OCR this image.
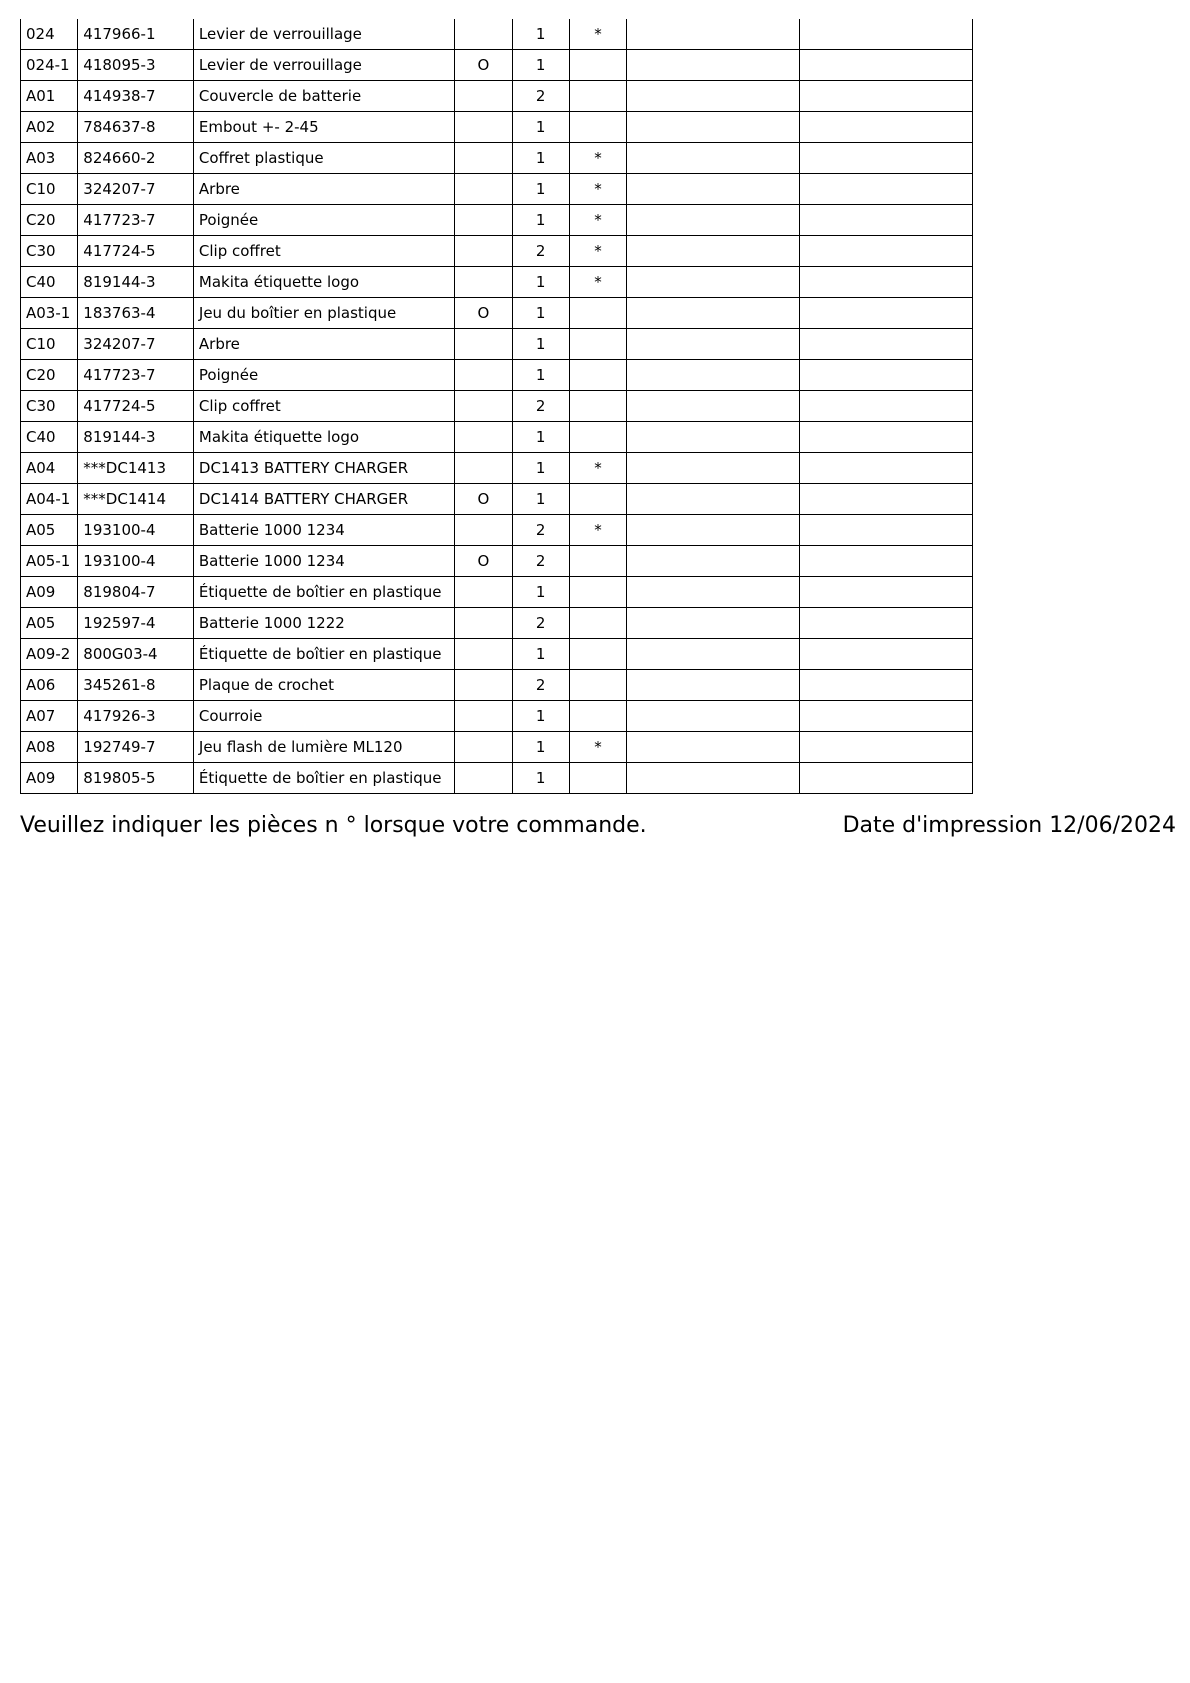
024	417966-1	Levier de verrouillage		1	*		
024-1	418095-3	Levier de verrouillage	O	1			
A01	414938-7	Couvercle de batterie		2			
A02	784637-8	Embout +- 2-45		1			
A03	824660-2	Coffret plastique		1	*		
C10	324207-7	Arbre		1	*		
C20	417723-7	Poignée		1	*		
C30	417724-5	Clip coffret		2	*		
C40	819144-3	Makita étiquette logo		1	*		
A03-1	183763-4	Jeu du boîtier en plastique	O	1			
C10	324207-7	Arbre		1			
C20	417723-7	Poignée		1			
C30	417724-5	Clip coffret		2			
C40	819144-3	Makita étiquette logo		1			
A04	***DC1413	DC1413 BATTERY CHARGER		1	*		
A04-1	***DC1414	DC1414 BATTERY CHARGER	O	1			
A05	193100-4	Batterie 1000 1234		2	*		
A05-1	193100-4	Batterie 1000 1234	O	2			
A09	819804-7	Étiquette de boîtier en plastique		1			
A05	192597-4	Batterie 1000 1222		2			
A09-2	800G03-4	Étiquette de boîtier en plastique		1			
A06	345261-8	Plaque de crochet		2			
A07	417926-3	Courroie		1			
A08	192749-7	Jeu flash de lumière ML120		1	*		
A09	819805-5	Étiquette de boîtier en plastique		1			
Veuillez indiquer les pièces n ° lorsque votre commande.	Date d'impression 12/06/2024
